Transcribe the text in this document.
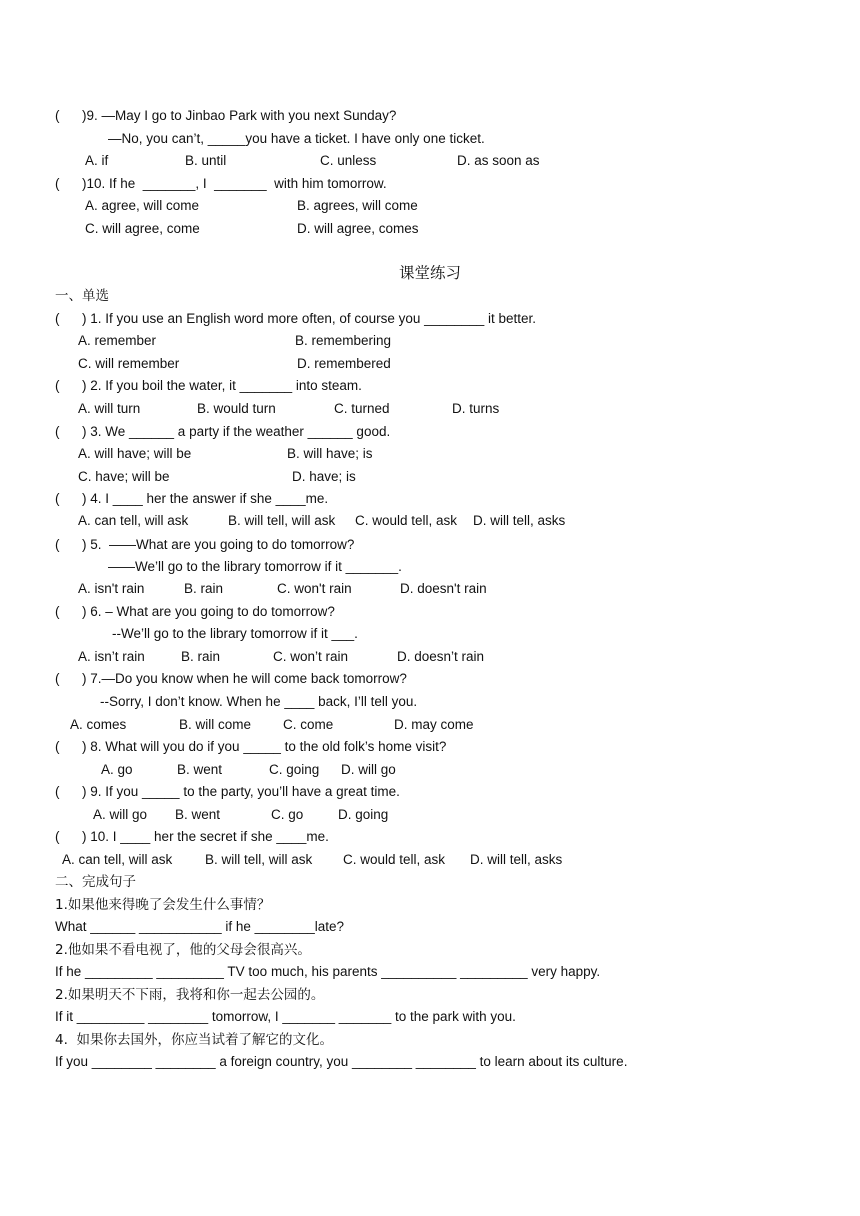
(      )9. —May I go to Jinbao Park with you next Sunday?
—No, you can’t, _____you have a ticket. I have only one ticket.
A. if	B. until	C. unless	D. as soon as
(      )10. If he  _______, I  _______  with him tomorrow.
A. agree, will come	B. agrees, will come
C. will agree, come	D. will agree, comes
课堂练习
一、单选
(      ) 1. If you use an English word more often, of course you ________ it better.
A. remember	B. remembering
C. will remember	D. remembered
(      ) 2. If you boil the water, it _______ into steam.
A. will turn	B. would turn	C. turned	D. turns
(      ) 3. We ______ a party if the weather ______ good.
A. will have; will be	B. will have; is
C. have; will be	D. have; is
(      ) 4. I ____ her the answer if she ____me.
A. can tell, will ask	B. will tell, will ask C. would tell, ask D. will tell, asks
(      ) 5.  ——What are you going to do tomorrow?
——We’ll go to the library tomorrow if it _______.
A. isn't rain	B. rain	C. won't rain	D. doesn't rain
(      ) 6. – What are you going to do tomorrow?
--We’ll go to the library tomorrow if it ___.
A. isn’t rain	B. rain	C. won’t rain	D. doesn’t rain
(      ) 7.—Do you know when he will come back tomorrow?
--Sorry, I don’t know. When he ____ back, I’ll tell you.
A. comes	B. will come C. come	D. may come
(      ) 8. What will you do if you _____ to the old folk’s home visit?
A. go	B. went	C. going D. will go
(      ) 9. If you _____ to the party, you’ll have a great time.
A. will go B. went	C. go	D. going
(      ) 10. I ____ her the secret if she ____me.
A. can tell, will ask B. will tell, will ask C. would tell, ask D. will tell, asks
二、完成句子
1.如果他来得晚了会发生什么事情？
What ______ ___________ if he ________late?
2.他如果不看电视了，他的父母会很高兴。
If he _________ _________ TV too much, his parents __________ _________ very happy.
2.如果明天不下雨，我将和你一起去公园的。
If it _________ ________ tomorrow, I _______ _______ to the park with you.
4.  如果你去国外，你应当试着了解它的文化。
If you ________ ________ a foreign country, you ________ ________ to learn about its culture.
